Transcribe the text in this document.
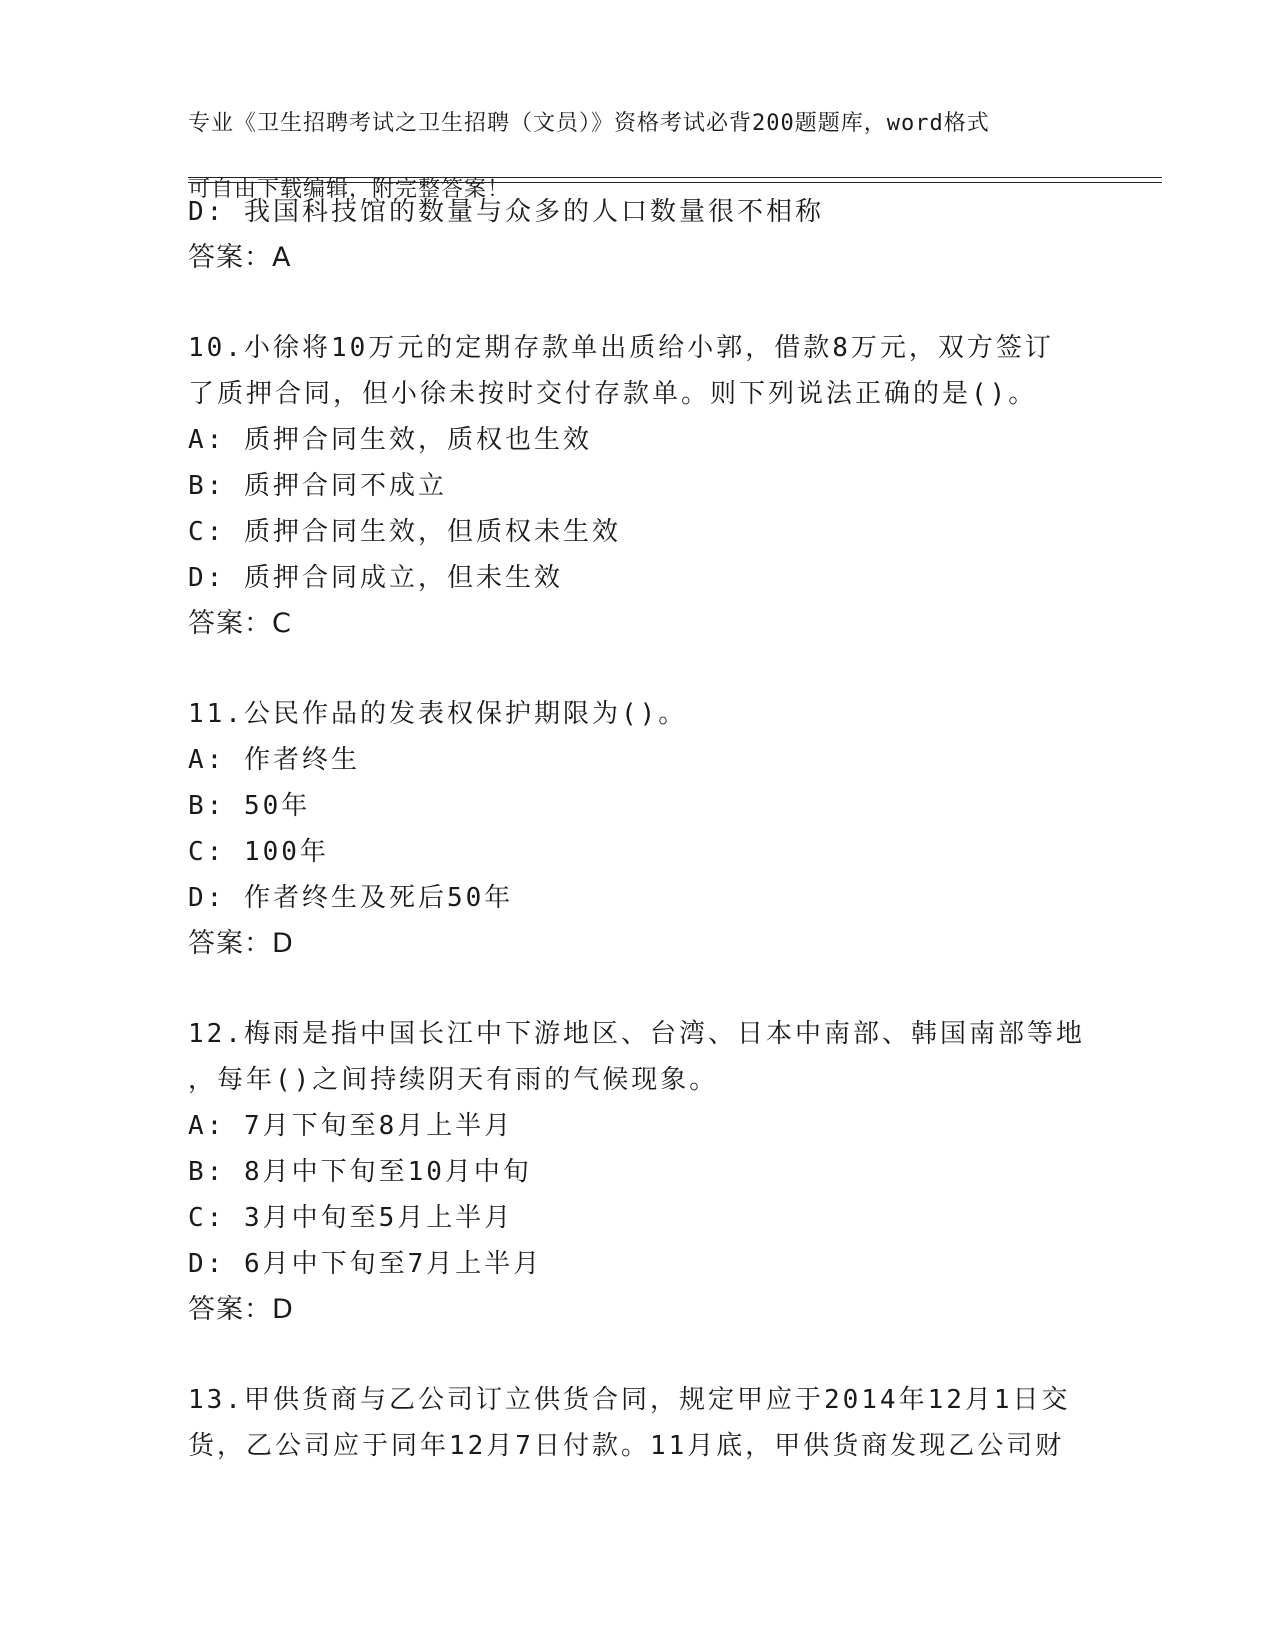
专业《卫生招聘考试之卫生招聘（文员）》资格考试必背200题题库，word格式

可自由下载编辑，附完整答案！

D: 我国科技馆的数量与众多的人口数量很不相称
答案：A
10.小徐将10万元的定期存款单出质给小郭，借款8万元，双方签订
了质押合同，但小徐未按时交付存款单。则下列说法正确的是()。
A: 质押合同生效，质权也生效
B: 质押合同不成立
C: 质押合同生效，但质权未生效
D: 质押合同成立，但未生效
答案：C
11.公民作品的发表权保护期限为()。
A: 作者终生
B: 50年
C: 100年
D: 作者终生及死后50年
答案：D
12.梅雨是指中国长江中下游地区、台湾、日本中南部、韩国南部等地
，每年()之间持续阴天有雨的气候现象。
A: 7月下旬至8月上半月
B: 8月中下旬至10月中旬
C: 3月中旬至5月上半月
D: 6月中下旬至7月上半月
答案：D
13.甲供货商与乙公司订立供货合同，规定甲应于2014年12月1日交
货，乙公司应于同年12月7日付款。11月底，甲供货商发现乙公司财
